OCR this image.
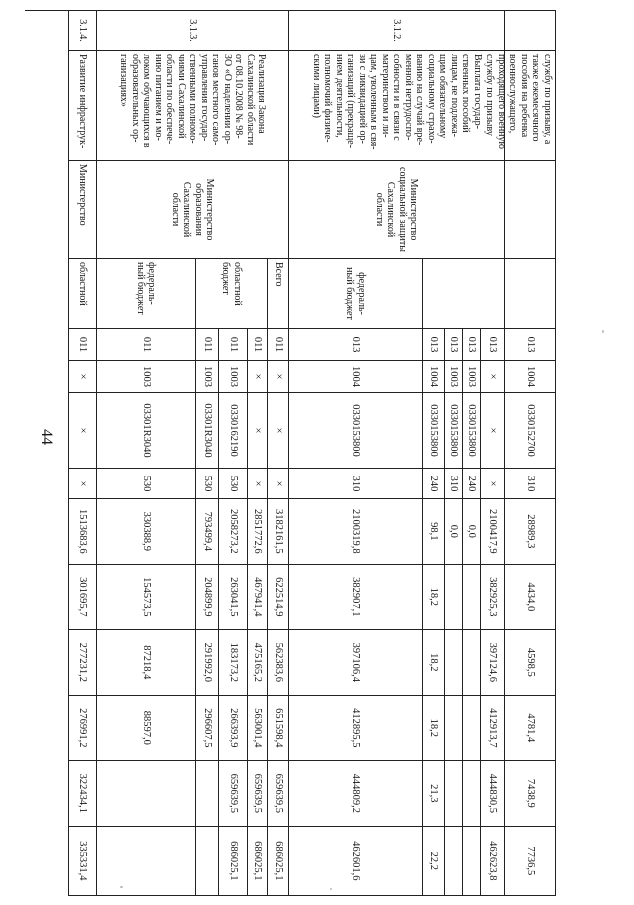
44
службу по призыву, а также ежемесячного пособия на ребенка военнослужащего, проходящего военную службу по призыву
3.1.2.
Выплата государ-
ственных пособий
лицам, не подлежа-
щим обязательному
социальному страхо-
ванию на случай вре-
менной нетрудоспо-
собности и в связи с
материнством и ли-
цам, уволенным в свя-
зи с ликвидацией ор-
ганизаций (прекраще-
нием деятельности,
полномочий физиче-
скими лицами)
Министерство социальной защиты Сахалинской области
федераль-
ный бюджет
3.1.3.
Реализация Закона
Сахалинской области
от 08.10.2008 № 98-
ЗО «О наделении ор-
ганов местного само-
управления государ-
ственными полномо-
чиями Сахалинской
области по обеспече-
нию питанием и мо-
локом обучающихся в
образовательных ор-
ганизациях»
Министерство образования Сахалинской области
Всего
областной бюджет
федераль-
ный бюджет
3.1.4.
Развитие инфраструк-
Министерство
областной
013
1004
0330152700
310
28989,3
4434,0
4598,5
4781,4
7438,9
7736,5
013
×
×
×
2100417,9
382925,3
397124,6
412913,7
444830,5
462623,8
013
1003
0330153800
240
0,0
013
1003
0330153800
310
0,0
013
1004
0330153800
240
98,1
18,2
18,2
18,2
21,3
22,2
013
1004
0330153800
310
2100319,8
382907,1
397106,4
412895,5
444809,2
462601,6
011
×
×
×
3182161,5
622514,9
562383,6
651598,4
659639,5
686025,1
011
×
×
×
2851772,6
467941,4
475165,2
563001,4
659639,5
686025,1
011
1003
0330162190
530
2058273,2
263041,5
183173,2
266393,9
659639,5
686025,1
011
1003
03301R3040
530
793499,4
204899,9
291992,0
296607,5
011
1003
03301R3040
530
330388,9
154573,5
87218,4
88597,0
011
×
×
×
1513683,6
301695,7
277231,2
276991,2
322434,1
335331,4
